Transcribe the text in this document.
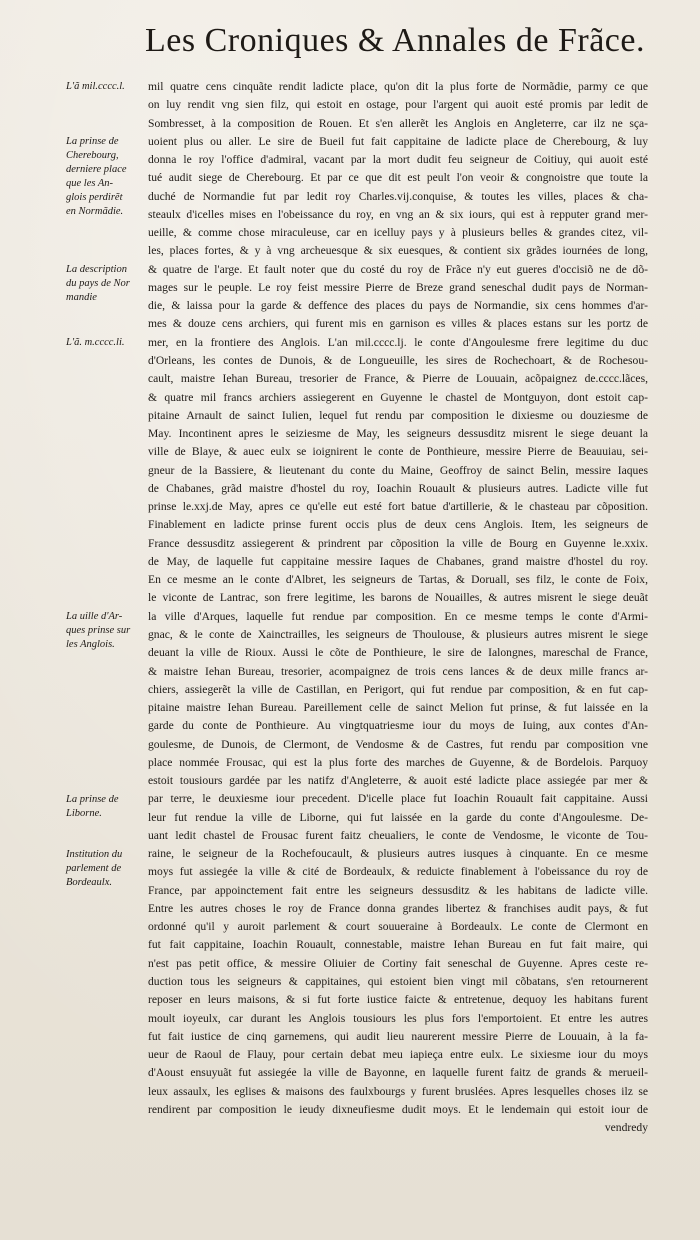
Les Croniques & Annales de Frãce.
L'ã mil.cccc.l.
La prinse de
Cherebourg,
derniere place
que les An-
glois perdirẽt
en Normãdie.
La description
du pays de Nor
mandie
L'ã. m.cccc.li.
La uille d'Ar-
ques prinse sur
les Anglois.
La prinse de
Liborne.
Institution du
parlement de
Bordeaulx.
mil quatre cens cinquãte rendit ladicte place, qu'on dit la plus forte de Normãdie, parmy ce que
on luy rendit vng sien filz, qui estoit en ostage, pour l'argent qui auoit esté promis par ledit de
Sombresset, à la composition de Rouen. Et s'en allerẽt les Anglois en Angleterre, car ilz ne sça-
uoient plus ou aller. Le sire de Bueil fut fait cappitaine de ladicte place de Cherebourg, & luy
donna le roy l'office d'admiral, vacant par la mort dudit feu seigneur de Coitiuy, qui auoit esté
tué audit siege de Cherebourg. Et par ce que dit est peult l'on veoir & congnoistre que toute la
duché de Normandie fut par ledit roy Charles.vij.conquise, & toutes les villes, places & cha-
steaulx d'icelles mises en l'obeissance du roy, en vng an & six iours, qui est à repputer grand mer-
ueille, & comme chose miraculeuse, car en icelluy pays y à plusieurs belles & grandes citez, vil-
les, places fortes, & y à vng archeuesque & six euesques, & contient six grãdes iournées de long,
& quatre de l'arge. Et fault noter que du costé du roy de Frãce n'y eut gueres d'occisiõ ne de dõ-
mages sur le peuple. Le roy feist messire Pierre de Breze grand seneschal dudit pays de Norman-
die, & laissa pour la garde & deffence des places du pays de Normandie, six cens hommes d'ar-
mes & douze cens archiers, qui furent mis en garnison es villes & places estans sur les portz de
mer, en la frontiere des Anglois. L'an mil.cccc.lj. le conte d'Angoulesme frere legitime du duc
d'Orleans, les contes de Dunois, & de Longueuille, les sires de Rochechoart, & de Rochesou-
cault, maistre Iehan Bureau, tresorier de France, & Pierre de Louuain, acõpaignez de.cccc.lãces,
& quatre mil francs archiers assiegerent en Guyenne le chastel de Montguyon, dont estoit cap-
pitaine Arnault de sainct Iulien, lequel fut rendu par composition le dixiesme ou douziesme de
May. Incontinent apres le seiziesme de May, les seigneurs dessusditz misrent le siege deuant la
ville de Blaye, & auec eulx se ioignirent le conte de Ponthieure, messire Pierre de Beauuiau, sei-
gneur de la Bassiere, & lieutenant du conte du Maine, Geoffroy de sainct Belin, messire Iaques
de Chabanes, grãd maistre d'hostel du roy, Ioachin Rouault & plusieurs autres. Ladicte ville fut
prinse le.xxj.de May, apres ce qu'elle eut esté fort batue d'artillerie, & le chasteau par cõposition.
Finablement en ladicte prinse furent occis plus de deux cens Anglois. Item, les seigneurs de
France dessusditz assiegerent & prindrent par cõposition la ville de Bourg en Guyenne le.xxix.
de May, de laquelle fut cappitaine messire Iaques de Chabanes, grand maistre d'hostel du roy.
En ce mesme an le conte d'Albret, les seigneurs de Tartas, & Doruall, ses filz, le conte de Foix,
le viconte de Lantrac, son frere legitime, les barons de Nouailles, & autres misrent le siege deuãt
la ville d'Arques, laquelle fut rendue par composition. En ce mesme temps le conte d'Armi-
gnac, & le conte de Xainctrailles, les seigneurs de Thoulouse, & plusieurs autres misrent le siege
deuant la ville de Rioux. Aussi le cõte de Ponthieure, le sire de Ialongnes, mareschal de France,
& maistre Iehan Bureau, tresorier, acompaignez de trois cens lances & de deux mille francs ar-
chiers, assiegerẽt la ville de Castillan, en Perigort, qui fut rendue par composition, & en fut cap-
pitaine maistre Iehan Bureau. Pareillement celle de sainct Melion fut prinse, & fut laissée en la
garde du conte de Ponthieure. Au vingtquatriesme iour du moys de Iuing, aux contes d'An-
goulesme, de Dunois, de Clermont, de Vendosme & de Castres, fut rendu par composition vne
place nommée Frousac, qui est la plus forte des marches de Guyenne, & de Bordelois. Parquoy
estoit tousiours gardée par les natifz d'Angleterre, & auoit esté ladicte place assiegée par mer &
par terre, le deuxiesme iour precedent. D'icelle place fut Ioachin Rouault fait cappitaine. Aussi
leur fut rendue la ville de Liborne, qui fut laissée en la garde du conte d'Angoulesme. De-
uant ledit chastel de Frousac furent faitz cheualiers, le conte de Vendosme, le viconte de Tou-
raine, le seigneur de la Rochefoucault, & plusieurs autres iusques à cinquante. En ce mesme
moys fut assiegée la ville & cité de Bordeaulx, & reduicte finablement à l'obeissance du roy de
France, par appoinctement fait entre les seigneurs dessusditz & les habitans de ladicte ville.
Entre les autres choses le roy de France donna grandes libertez & franchises audit pays, & fut
ordonné qu'il y auroit parlement & court souueraine à Bordeaulx. Le conte de Clermont en
fut fait cappitaine, Ioachin Rouault, connestable, maistre Iehan Bureau en fut fait maire, qui
n'est pas petit office, & messire Oliuier de Cortiny fait seneschal de Guyenne. Apres ceste re-
duction tous les seigneurs & cappitaines, qui estoient bien vingt mil cõbatans, s'en retournerent
reposer en leurs maisons, & si fut forte iustice faicte & entretenue, dequoy les habitans furent
moult ioyeulx, car durant les Anglois tousiours les plus fors l'emportoient. Et entre les autres
fut fait iustice de cinq garnemens, qui audit lieu naurerent messire Pierre de Louuain, à la fa-
ueur de Raoul de Flauy, pour certain debat meu iapieça entre eulx. Le sixiesme iour du moys
d'Aoust ensuyuãt fut assiegée la ville de Bayonne, en laquelle furent faitz de grands & merueil-
leux assaulx, les eglises & maisons des faulxbourgs y furent bruslées. Apres lesquelles choses ilz se
rendirent par composition le ieudy dixneufiesme dudit moys. Et le lendemain qui estoit iour de
vendredy
